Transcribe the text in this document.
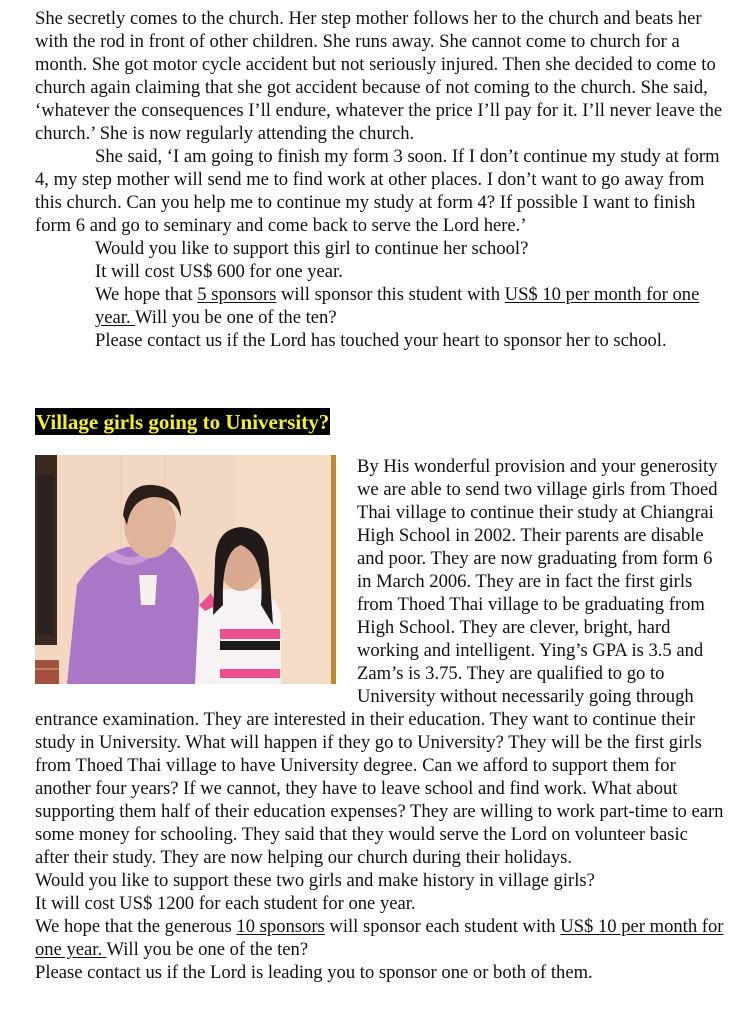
She secretly comes to the church. Her step mother follows her to the church and beats her with the rod in front of other children. She runs away. She cannot come to church for a month. She got motor cycle accident but not seriously injured. Then she decided to come to church again claiming that she got accident because of not coming to the church. She said, ‘whatever the consequences I’ll endure, whatever the price I’ll pay for it. I’ll never leave the church.’ She is now regularly attending the church.

She said, ‘I am going to finish my form 3 soon. If I don’t continue my study at form 4, my step mother will send me to find work at other places. I don’t want to go away from this church. Can you help me to continue my study at form 4? If possible I want to finish form 6 and go to seminary and come back to serve the Lord here.’

Would you like to support this girl to continue her school?

It will cost US$ 600 for one year.

We hope that 5 sponsors will sponsor this student with US$ 10 per month for one year. Will you be one of the ten?

Please contact us if the Lord has touched your heart to sponsor her to school.

Village girls going to University?

By His wonderful provision and your generosity we are able to send two village girls from Thoed Thai village to continue their study at Chiangrai High School in 2002. Their parents are disable and poor. They are now graduating from form 6 in March 2006. They are in fact the first girls from Thoed Thai village to be graduating from High School. They are clever, bright, hard working and intelligent. Ying’s GPA is 3.5 and Zam’s is 3.75. They are qualified to go to University without necessarily going through entrance examination. They are interested in their education. They want to continue their study in University. What will happen if they go to University? They will be the first girls from Thoed Thai village to have University degree. Can we afford to support them for another four years? If we cannot, they have to leave school and find work. What about supporting them half of their education expenses? They are willing to work part-time to earn some money for schooling. They said that they would serve the Lord on volunteer basic after their study. They are now helping our church during their holidays.

Would you like to support these two girls and make history in village girls?

It will cost US$ 1200 for each student for one year.

We hope that the generous 10 sponsors will sponsor each student with US$ 10 per month for one year. Will you be one of the ten?

Please contact us if the Lord is leading you to sponsor one or both of them.
